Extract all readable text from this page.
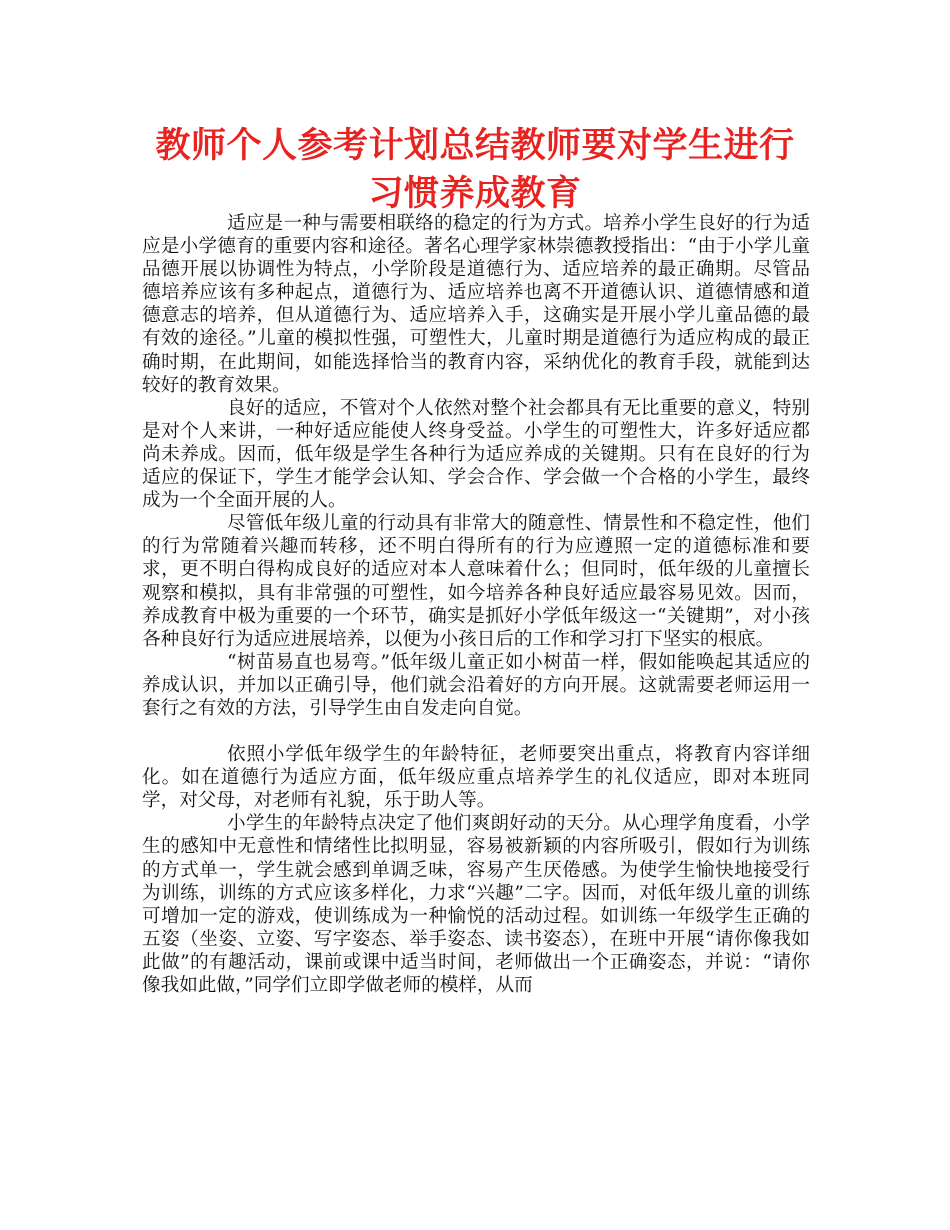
教师个人参考计划总结教师要对学生进行
习惯养成教育

适应是一种与需要相联络的稳定的行为方式。培养小学生良好的行为适应是小学德育的重要内容和途径。著名心理学家林崇德教授指出：“由于小学儿童品德开展以协调性为特点，小学阶段是道德行为、适应培养的最正确期。尽管品德培养应该有多种起点，道德行为、适应培养也离不开道德认识、道德情感和道德意志的培养，但从道德行为、适应培养入手，这确实是开展小学儿童品德的最有效的途径。”儿童的模拟性强，可塑性大，儿童时期是道德行为适应构成的最正确时期，在此期间，如能选择恰当的教育内容，采纳优化的教育手段，就能到达较好的教育效果。

良好的适应，不管对个人依然对整个社会都具有无比重要的意义，特别是对个人来讲，一种好适应能使人终身受益。小学生的可塑性大，许多好适应都尚未养成。因而，低年级是学生各种行为适应养成的关键期。只有在良好的行为适应的保证下，学生才能学会认知、学会合作、学会做一个合格的小学生，最终成为一个全面开展的人。

尽管低年级儿童的行动具有非常大的随意性、情景性和不稳定性，他们的行为常随着兴趣而转移，还不明白得所有的行为应遵照一定的道德标准和要求，更不明白得构成良好的适应对本人意味着什么；但同时，低年级的儿童擅长观察和模拟，具有非常强的可塑性，如今培养各种良好适应最容易见效。因而，养成教育中极为重要的一个环节，确实是抓好小学低年级这一“关键期”，对小孩各种良好行为适应进展培养，以便为小孩日后的工作和学习打下坚实的根底。

“树苗易直也易弯。”低年级儿童正如小树苗一样，假如能唤起其适应的养成认识，并加以正确引导，他们就会沿着好的方向开展。这就需要老师运用一套行之有效的方法，引导学生由自发走向自觉。

依照小学低年级学生的年龄特征，老师要突出重点，将教育内容详细化。如在道德行为适应方面，低年级应重点培养学生的礼仪适应，即对本班同学，对父母，对老师有礼貌，乐于助人等。

小学生的年龄特点决定了他们爽朗好动的天分。从心理学角度看，小学生的感知中无意性和情绪性比拟明显，容易被新颖的内容所吸引，假如行为训练的方式单一，学生就会感到单调乏味，容易产生厌倦感。为使学生愉快地接受行为训练，训练的方式应该多样化，力求“兴趣”二字。因而，对低年级儿童的训练可增加一定的游戏，使训练成为一种愉悦的活动过程。如训练一年级学生正确的五姿（坐姿、立姿、写字姿态、举手姿态、读书姿态），在班中开展“请你像我如此做”的有趣活动，课前或课中适当时间，老师做出一个正确姿态，并说：“请你像我如此做，”同学们立即学做老师的模样，从而
